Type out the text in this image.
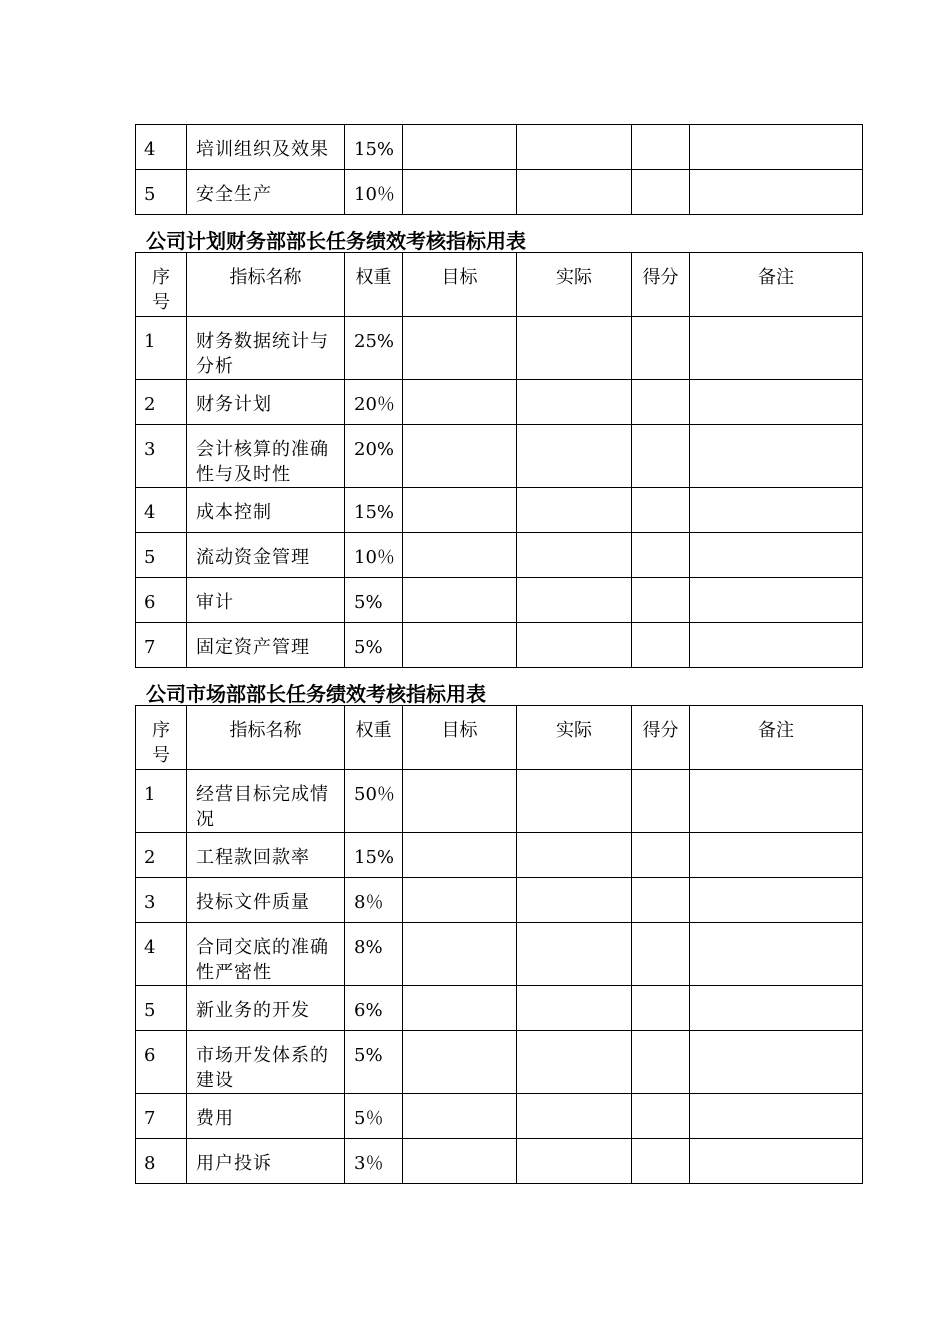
4	培训组织及效果	15%				
5	安全生产	10％				
公司计划财务部部长任务绩效考核指标用表
序号	指标名称	权重	目标	实际	得分	备注
1	财务数据统计与分析	25%				
2	财务计划	20％				
3	会计核算的准确性与及时性	20%				
4	成本控制	15%				
5	流动资金管理	10％				
6	审计	5%				
7	固定资产管理	5%				
公司市场部部长任务绩效考核指标用表
序号	指标名称	权重	目标	实际	得分	备注
1	经营目标完成情况	50％				
2	工程款回款率	15%				
3	投标文件质量	8％				
4	合同交底的准确性严密性	8%				
5	新业务的开发	6%				
6	市场开发体系的建设	5%				
7	费用	5％				
8	用户投诉	3％				
